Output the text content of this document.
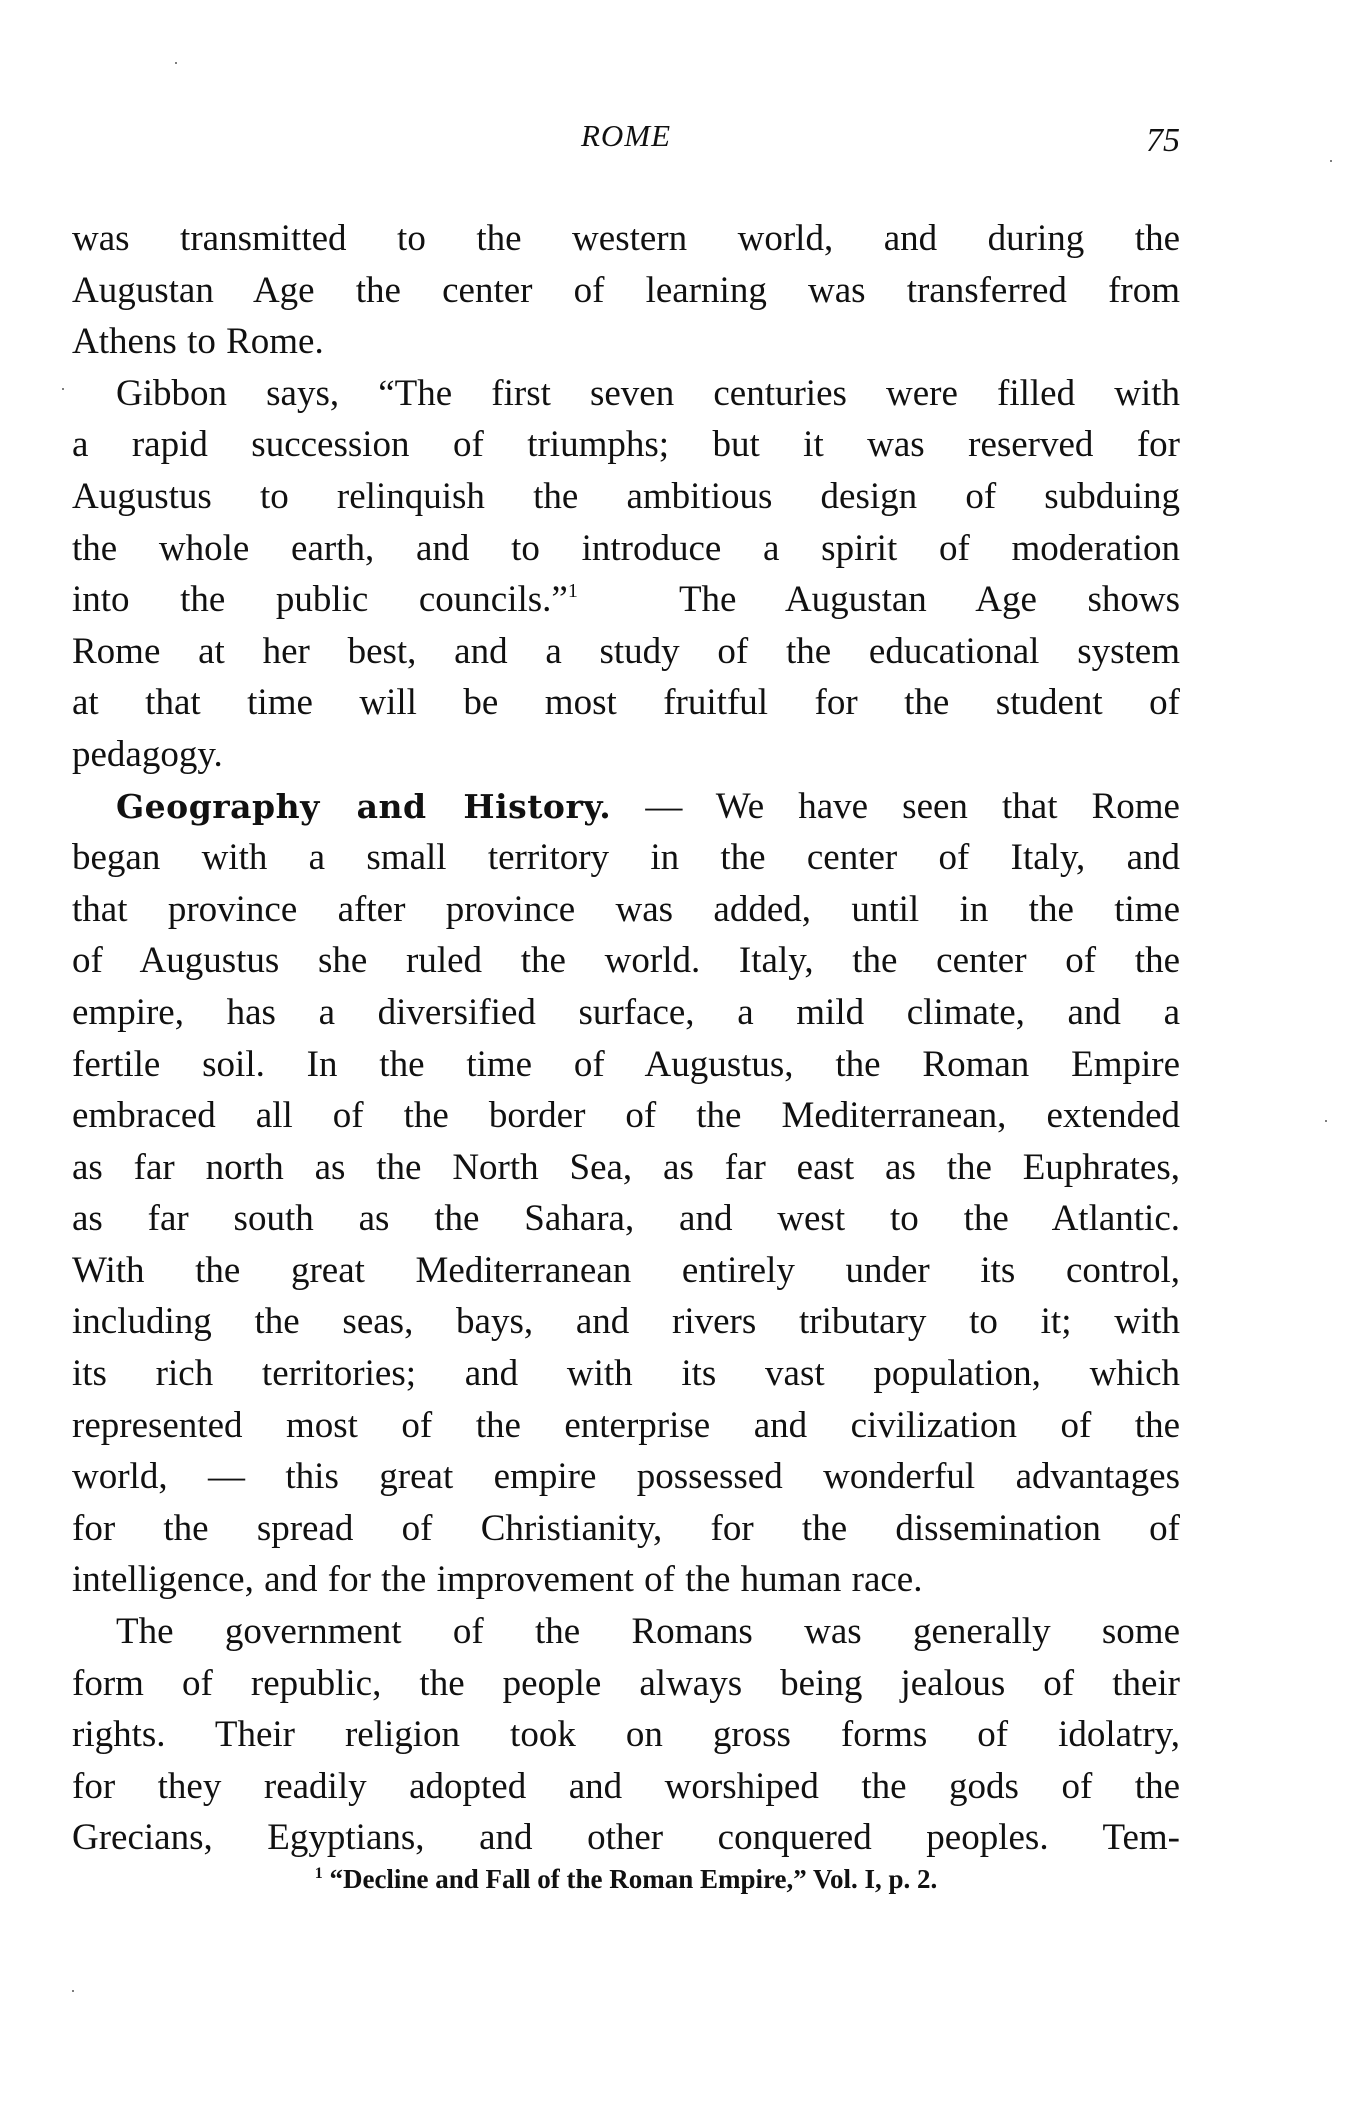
ROME	75
was transmitted to the western world, and during the
Augustan Age the center of learning was transferred from
Athens to Rome.
Gibbon says, “The first seven centuries were filled with
a rapid succession of triumphs; but it was reserved for
Augustus to relinquish the ambitious design of subduing
the whole earth, and to introduce a spirit of moderation
into the public councils.”$^1$	The Augustan Age shows
Rome at her best, and a study of the educational system
at that time will be most fruitful for the student of
pedagogy.
Geography and History. — We have seen that Rome
began with a small territory in the center of Italy, and
that province after province was added, until in the time
of Augustus she ruled the world. Italy, the center of the
empire, has a diversified surface, a mild climate, and a
fertile soil. In the time of Augustus, the Roman Empire
embraced all of the border of the Mediterranean, extended
as far north as the North Sea, as far east as the Euphrates,
as far south as the Sahara, and west to the Atlantic.
With the great Mediterranean entirely under its control,
including the seas, bays, and rivers tributary to it; with
its rich territories; and with its vast population, which
represented most of the enterprise and civilization of the
world, — this great empire possessed wonderful advantages
for the spread of Christianity, for the dissemination of
intelligence, and for the improvement of the human race.
The government of the Romans was generally some
form of republic, the people always being jealous of their
rights. Their religion took on gross forms of idolatry,
for they readily adopted and worshiped the gods of the
Grecians, Egyptians, and other conquered peoples. Tem-
$^1$ “Decline and Fall of the Roman Empire,” Vol. I, p. 2.
